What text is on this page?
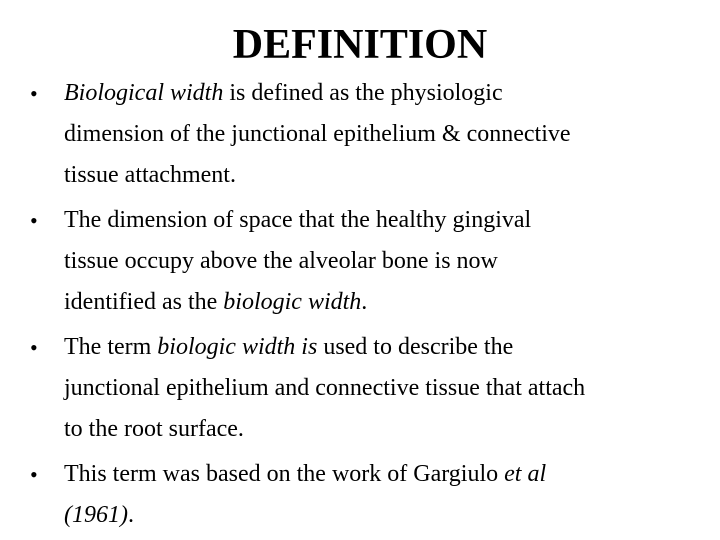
DEFINITION
•	Biological width is defined as the physiologic
dimension of the junctional epithelium & connective
tissue attachment.
•	The dimension of space that the healthy gingival
tissue occupy above the alveolar bone is now
identified as the biologic width.
•	The term biologic width is used to describe the
junctional epithelium and connective tissue that attach
to the root surface.
•	This term was based on the work of Gargiulo et al
(1961).
